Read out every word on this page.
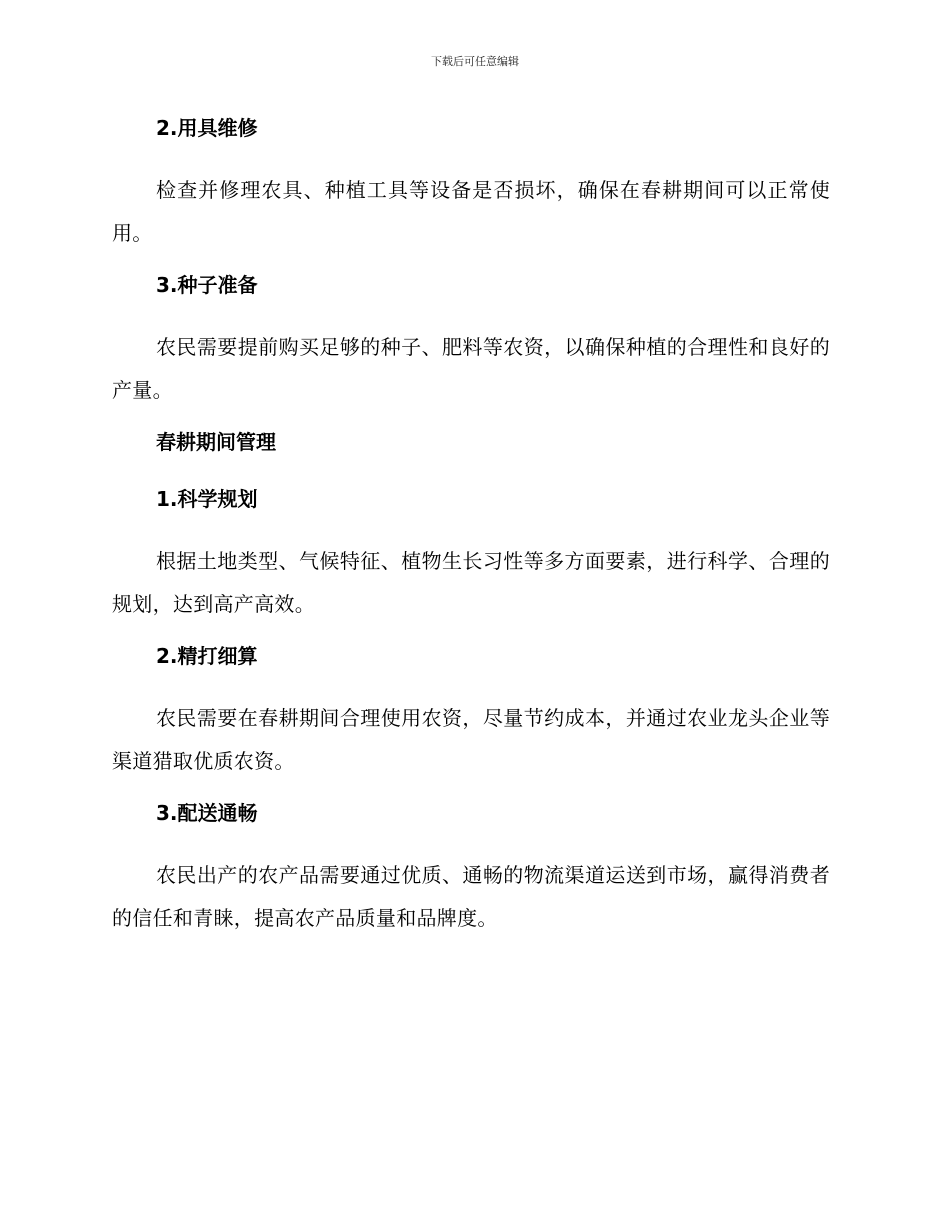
下载后可任意编辑
2.用具维修

检查并修理农具、种植工具等设备是否损坏，确保在春耕期间可以正常使用。

3.种子准备

农民需要提前购买足够的种子、肥料等农资，以确保种植的合理性和良好的产量。

春耕期间管理
1.科学规划

根据土地类型、气候特征、植物生长习性等多方面要素，进行科学、合理的规划，达到高产高效。

2.精打细算

农民需要在春耕期间合理使用农资，尽量节约成本，并通过农业龙头企业等渠道猎取优质农资。

3.配送通畅

农民出产的农产品需要通过优质、通畅的物流渠道运送到市场，赢得消费者的信任和青睐，提高农产品质量和品牌度。
